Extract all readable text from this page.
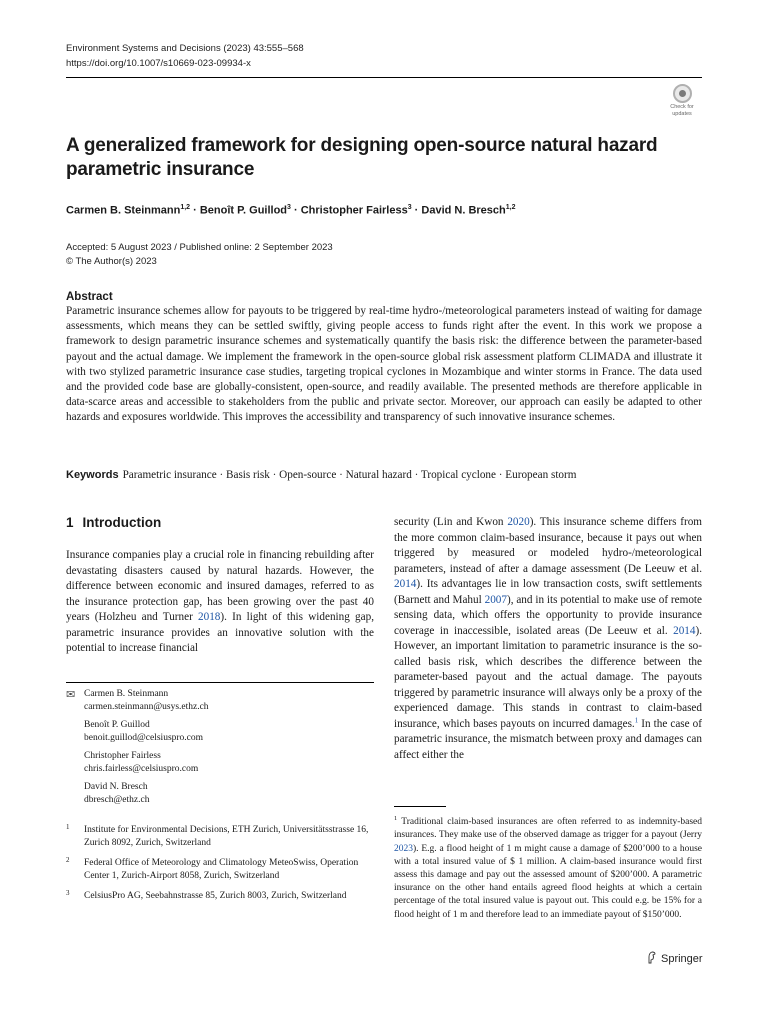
Environment Systems and Decisions (2023) 43:555–568
https://doi.org/10.1007/s10669-023-09934-x
Check for
updates
A generalized framework for designing open-source natural hazard parametric insurance
Carmen B. Steinmann$^{1,2}$ · Benoît P. Guillod$^3$ · Christopher Fairless$^3$ · David N. Bresch$^{1,2}$
Accepted: 5 August 2023 / Published online: 2 September 2023
© The Author(s) 2023
Abstract
Parametric insurance schemes allow for payouts to be triggered by real-time hydro-/meteorological parameters instead of waiting for damage assessments, which means they can be settled swiftly, giving people access to funds right after the event. In this work we propose a framework to design parametric insurance schemes and systematically quantify the basis risk: the difference between the parameter-based payout and the actual damage. We implement the framework in the open-source global risk assessment platform CLIMADA and illustrate it with two stylized parametric insurance case studies, targeting tropical cyclones in Mozambique and winter storms in France. The data used and the provided code base are globally-consistent, open-source, and readily available. The presented methods are therefore applicable in data-scarce areas and accessible to stakeholders from the public and private sector. Moreover, our approach can easily be adapted to other hazards and exposures worldwide. This improves the accessibility and transparency of such innovative insurance schemes.
Keywords Parametric insurance · Basis risk · Open-source · Natural hazard · Tropical cyclone · European storm
1 Introduction
Insurance companies play a crucial role in financing rebuilding after devastating disasters caused by natural hazards. However, the difference between economic and insured damages, referred to as the insurance protection gap, has been growing over the past 40 years (Holzheu and Turner 2018). In light of this widening gap, parametric insurance provides an innovative solution with the potential to increase financial
security (Lin and Kwon 2020). This insurance scheme differs from the more common claim-based insurance, because it pays out when triggered by measured or modeled hydro-/meteorological parameters, instead of after a damage assessment (De Leeuw et al. 2014). Its advantages lie in low transaction costs, swift settlements (Barnett and Mahul 2007), and in its potential to make use of remote sensing data, which offers the opportunity to provide insurance coverage in inaccessible, isolated areas (De Leeuw et al. 2014). However, an important limitation to parametric insurance is the so-called basis risk, which describes the difference between the parameter-based payout and the actual damage. The payouts triggered by parametric insurance will always only be a proxy of the experienced damage. This stands in contrast to claim-based insurance, which bases payouts on incurred damages.$^1$ In the case of parametric insurance, the mismatch between proxy and damages can affect either the
✉ Carmen B. Steinmann
carmen.steinmann@usys.ethz.ch
Benoît P. Guillod
benoit.guillod@celsiuspro.com
Christopher Fairless
chris.fairless@celsiuspro.com
David N. Bresch
dbresch@ethz.ch
1 Institute for Environmental Decisions, ETH Zurich, Universitätsstrasse 16, Zurich 8092, Zurich, Switzerland
2 Federal Office of Meteorology and Climatology MeteoSwiss, Operation Center 1, Zurich-Airport 8058, Zurich, Switzerland
3 CelsiusPro AG, Seebahnstrasse 85, Zurich 8003, Zurich, Switzerland
$^1$ Traditional claim-based insurances are often referred to as indemnity-based insurances. They make use of the observed damage as trigger for a payout (Jerry 2023). E.g. a flood height of 1 m might cause a damage of $200’000 to a house with a total insured value of $ 1 million. A claim-based insurance would first assess this damage and pay out the assessed amount of $200’000. A parametric insurance on the other hand entails agreed flood heights at which a certain percentage of the total insured value is payout out. This could e.g. be 15% for a flood height of 1 m and therefore lead to an immediate payout of $150’000.
Springer
